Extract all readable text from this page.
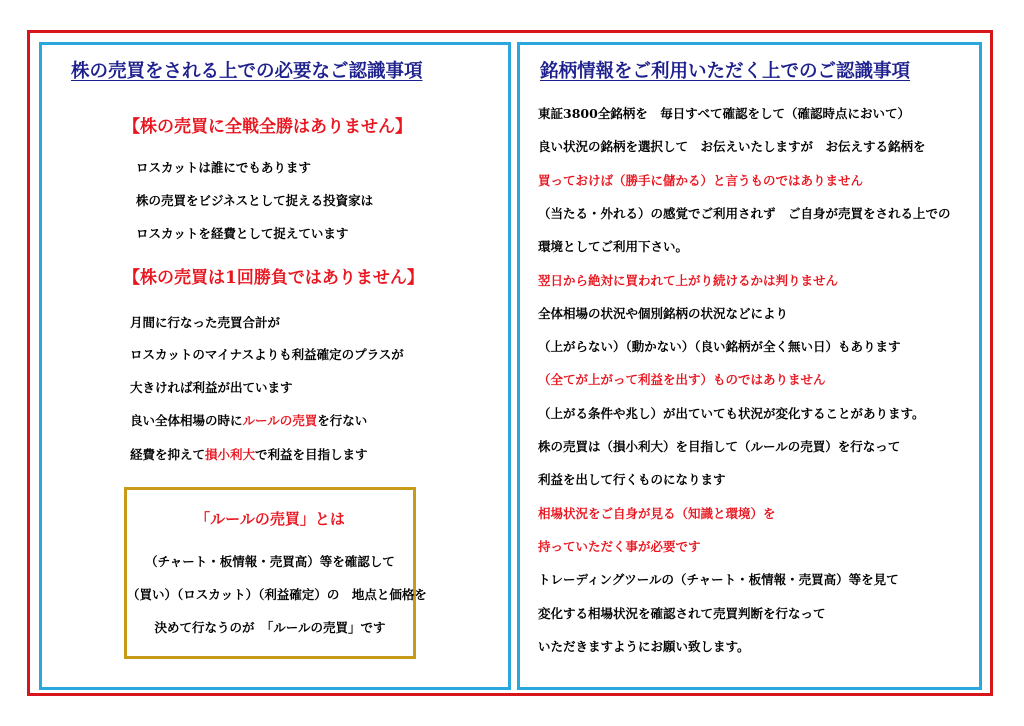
株の売買をされる上での必要なご認識事項
【株の売買に全戦全勝はありません】
ロスカットは誰にでもあります
株の売買をビジネスとして捉える投資家は
ロスカットを経費として捉えています
【株の売買は1回勝負ではありません】
月間に行なった売買合計が
ロスカットのマイナスよりも利益確定のプラスが
大きければ利益が出ています
良い全体相場の時にルールの売買を行ない
経費を抑えて損小利大で利益を目指します
「ルールの売買」とは
（チャート・板情報・売買高）等を確認して
（買い）（ロスカット）（利益確定）の　地点と価格を
決めて行なうのが　「ルールの売買」です
銘柄情報をご利用いただく上でのご認識事項
東証3800全銘柄を　毎日すべて確認をして（確認時点において）
良い状況の銘柄を選択して　お伝えいたしますが　お伝えする銘柄を
買っておけば（勝手に儲かる）と言うものではありません
（当たる・外れる）の感覚でご利用されず　ご自身が売買をされる上での
環境としてご利用下さい。
翌日から絶対に買われて上がり続けるかは判りません
全体相場の状況や個別銘柄の状況などにより
（上がらない）（動かない）（良い銘柄が全く無い日）もあります
（全てが上がって利益を出す）ものではありません
（上がる条件や兆し）が出ていても状況が変化することがあります。
株の売買は（損小利大）を目指して（ルールの売買）を行なって
利益を出して行くものになります
相場状況をご自身が見る（知識と環境）を
持っていただく事が必要です
トレーディングツールの（チャート・板情報・売買高）等を見て
変化する相場状況を確認されて売買判断を行なって
いただきますようにお願い致します。
